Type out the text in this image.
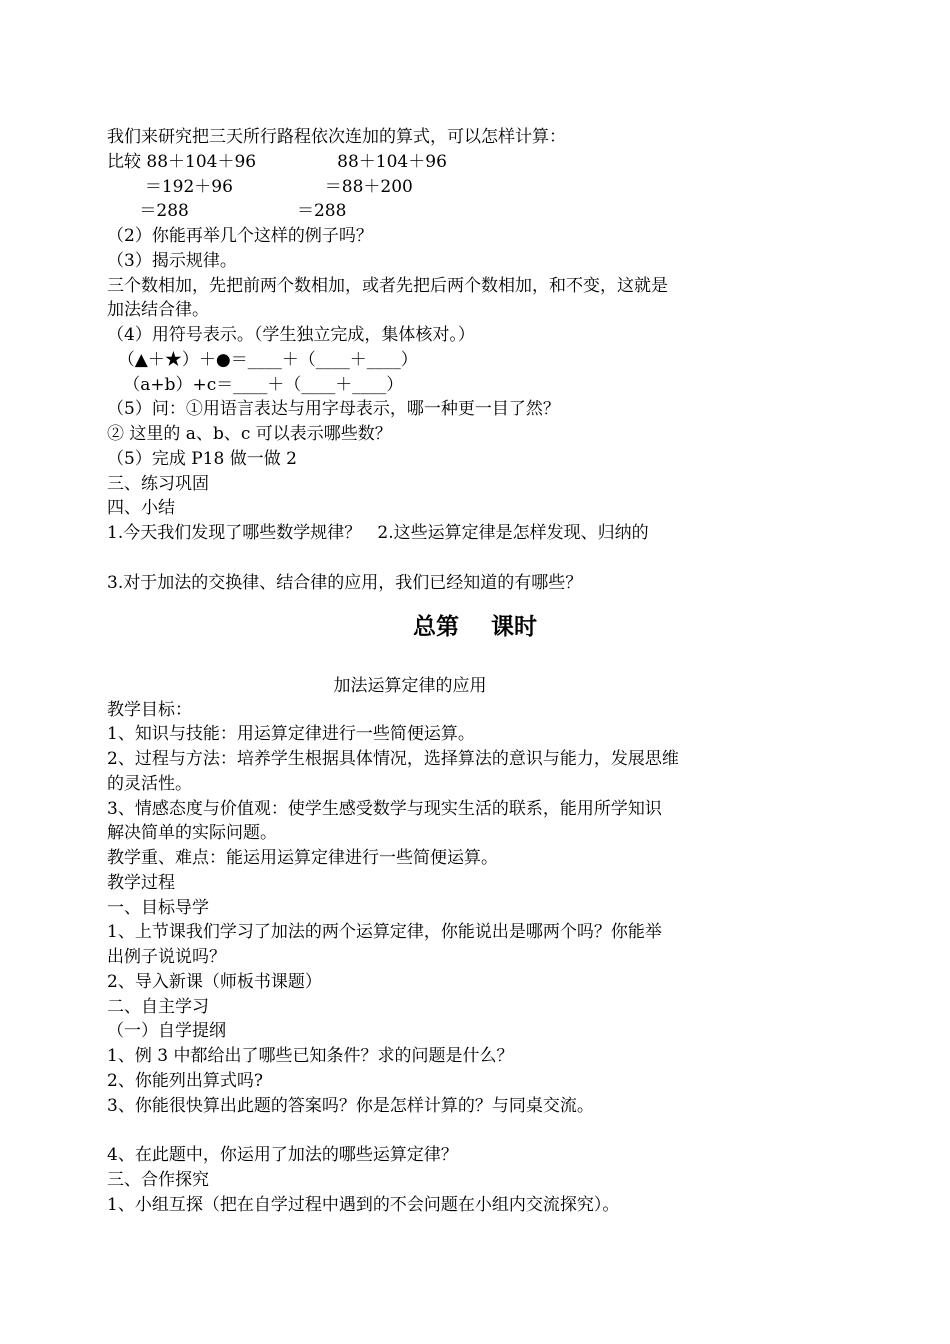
我们来研究把三天所行路程依次连加的算式，可以怎样计算：
比较 88＋104＋96               88＋104＋96
＝192＋96                 ＝88＋200
＝288                    ＝288
（2）你能再举几个这样的例子吗？
（3）揭示规律。
三个数相加，先把前两个数相加，或者先把后两个数相加，和不变，这就是
加法结合律。
（4）用符号表示。（学生独立完成，集体核对。）
（▲＋★）＋●＝____＋（____＋____）
（a+b）+c＝____＋（____＋____）
（5）问：①用语言表达与用字母表示，哪一种更一目了然？
② 这里的 a、b、c 可以表示哪些数？
（5）完成 P18 做一做 2
三、练习巩固
四、小结
1.今天我们发现了哪些数学规律？   2.这些运算定律是怎样发现、归纳的
3.对于加法的交换律、结合律的应用，我们已经知道的有哪些？
总第    课时
加法运算定律的应用
教学目标：
1、知识与技能：用运算定律进行一些简便运算。
2、过程与方法：培养学生根据具体情况，选择算法的意识与能力，发展思维
的灵活性。
3、情感态度与价值观：使学生感受数学与现实生活的联系，能用所学知识
解决简单的实际问题。
教学重、难点：能运用运算定律进行一些简便运算。
教学过程
一、目标导学
1、上节课我们学习了加法的两个运算定律，你能说出是哪两个吗？你能举
出例子说说吗？
2、导入新课（师板书课题）
二、自主学习
（一）自学提纲
1、例 3 中都给出了哪些已知条件？求的问题是什么？
2、你能列出算式吗?
3、你能很快算出此题的答案吗？你是怎样计算的？与同桌交流。
4、在此题中，你运用了加法的哪些运算定律？
三、合作探究
1、小组互探（把在自学过程中遇到的不会问题在小组内交流探究）。
